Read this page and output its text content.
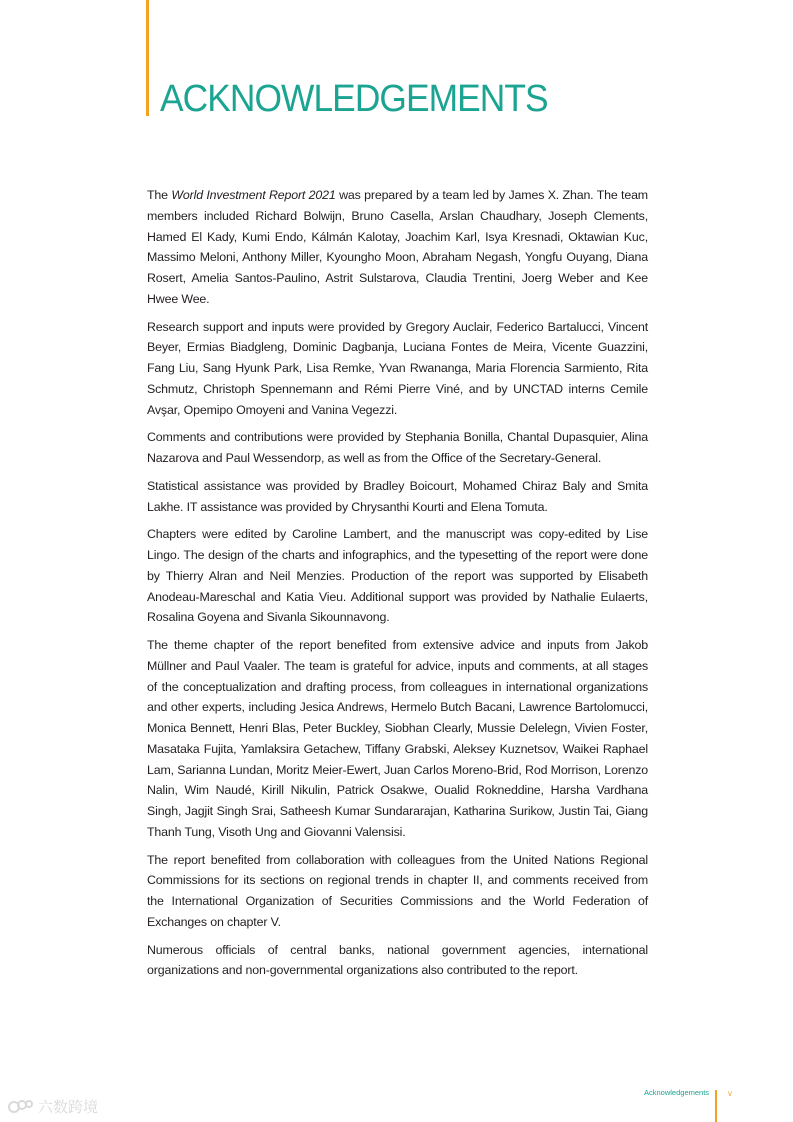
ACKNOWLEDGEMENTS

The World Investment Report 2021 was prepared by a team led by James X. Zhan. The team members included Richard Bolwijn, Bruno Casella, Arslan Chaudhary, Joseph Clements, Hamed El Kady, Kumi Endo, Kálmán Kalotay, Joachim Karl, Isya Kresnadi, Oktawian Kuc, Massimo Meloni, Anthony Miller, Kyoungho Moon, Abraham Negash, Yongfu Ouyang, Diana Rosert, Amelia Santos-Paulino, Astrit Sulstarova, Claudia Trentini, Joerg Weber and Kee Hwee Wee.

Research support and inputs were provided by Gregory Auclair, Federico Bartalucci, Vincent Beyer, Ermias Biadgleng, Dominic Dagbanja, Luciana Fontes de Meira, Vicente Guazzini, Fang Liu, Sang Hyunk Park, Lisa Remke, Yvan Rwananga, Maria Florencia Sarmiento, Rita Schmutz, Christoph Spennemann and Rémi Pierre Viné, and by UNCTAD interns Cemile Avşar, Opemipo Omoyeni and Vanina Vegezzi.

Comments and contributions were provided by Stephania Bonilla, Chantal Dupasquier, Alina Nazarova and Paul Wessendorp, as well as from the Office of the Secretary-General.

Statistical assistance was provided by Bradley Boicourt, Mohamed Chiraz Baly and Smita Lakhe. IT assistance was provided by Chrysanthi Kourti and Elena Tomuta.

Chapters were edited by Caroline Lambert, and the manuscript was copy-edited by Lise Lingo. The design of the charts and infographics, and the typesetting of the report were done by Thierry Alran and Neil Menzies. Production of the report was supported by Elisabeth Anodeau-Mareschal and Katia Vieu. Additional support was provided by Nathalie Eulaerts, Rosalina Goyena and Sivanla Sikounnavong.

The theme chapter of the report benefited from extensive advice and inputs from Jakob Müllner and Paul Vaaler. The team is grateful for advice, inputs and comments, at all stages of the conceptualization and drafting process, from colleagues in international organizations and other experts, including Jesica Andrews, Hermelo Butch Bacani, Lawrence Bartolomucci, Monica Bennett, Henri Blas, Peter Buckley, Siobhan Clearly, Mussie Delelegn, Vivien Foster, Masataka Fujita, Yamlaksira Getachew, Tiffany Grabski, Aleksey Kuznetsov, Waikei Raphael Lam, Sarianna Lundan, Moritz Meier-Ewert, Juan Carlos Moreno-Brid, Rod Morrison, Lorenzo Nalin, Wim Naudé, Kirill Nikulin, Patrick Osakwe, Oualid Rokneddine, Harsha Vardhana Singh, Jagjit Singh Srai, Satheesh Kumar Sundararajan, Katharina Surikow, Justin Tai, Giang Thanh Tung, Visoth Ung and Giovanni Valensisi.

The report benefited from collaboration with colleagues from the United Nations Regional Commissions for its sections on regional trends in chapter II, and comments received from the International Organization of Securities Commissions and the World Federation of Exchanges on chapter V.

Numerous officials of central banks, national government agencies, international organizations and non-governmental organizations also contributed to the report.

Acknowledgements v
六数跨境
